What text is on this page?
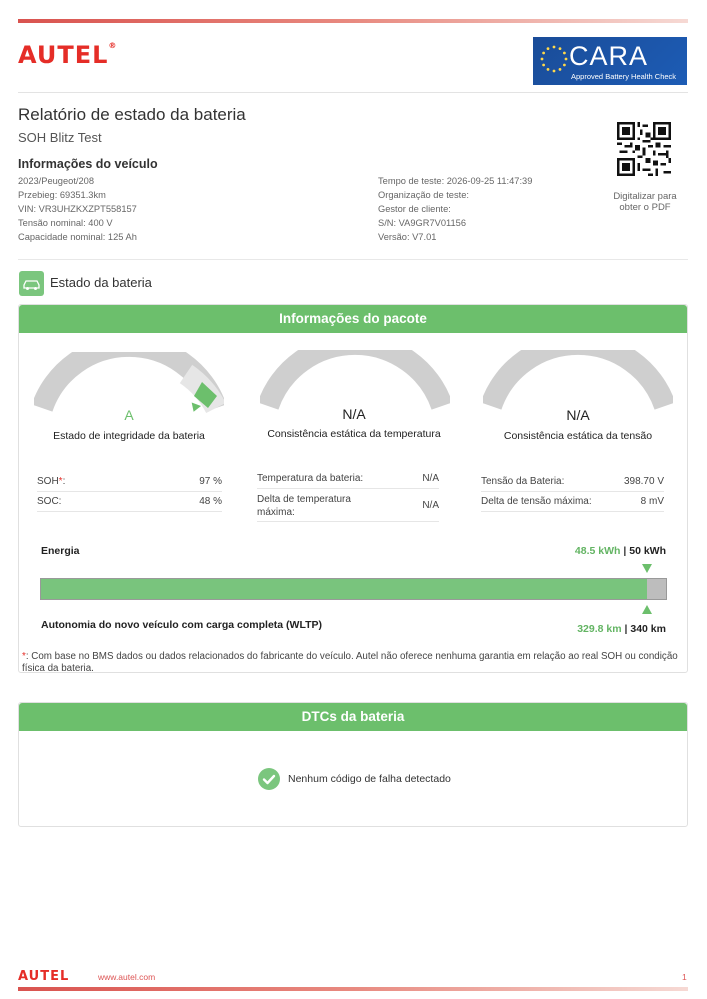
AUTEL®	CARA
Approved Battery Health Check
Relatório de estado da bateria
SOH Blitz Test
Informações do veículo
2023/Peugeot/208
Przebieg: 69351.3km
VIN: VR3UHZKXZPT558157
Tensão nominal: 400 V
Capacidade nominal: 125 Ah
Tempo de teste: 2026-09-25 11:47:39
Organização de teste:
Gestor de cliente:
S/N: VA9GR7V01156
Versão: V7.01
Digitalizar para obter o PDF
Estado da bateria
Informações do pacote
A
Estado de integridade da bateria
N/A
Consistência estática da temperatura
N/A
Consistência estática da tensão
SOH*:	97 %
SOC:	48 %
Temperatura da bateria:	N/A
Delta de temperatura máxima:
N/A
Tensão da Bateria:	398.70 V
Delta de tensão máxima:	8 mV
Energia	48.5 kWh | 50 kWh
Autonomia do novo veículo com carga completa (WLTP)	329.8 km | 340 km
*: Com base no BMS dados ou dados relacionados do fabricante do veículo. Autel não oferece nenhuma garantia em relação ao real SOH ou condição física da bateria.
DTCs da bateria
Nenhum código de falha detectado
AUTEL	www.autel.com	1
